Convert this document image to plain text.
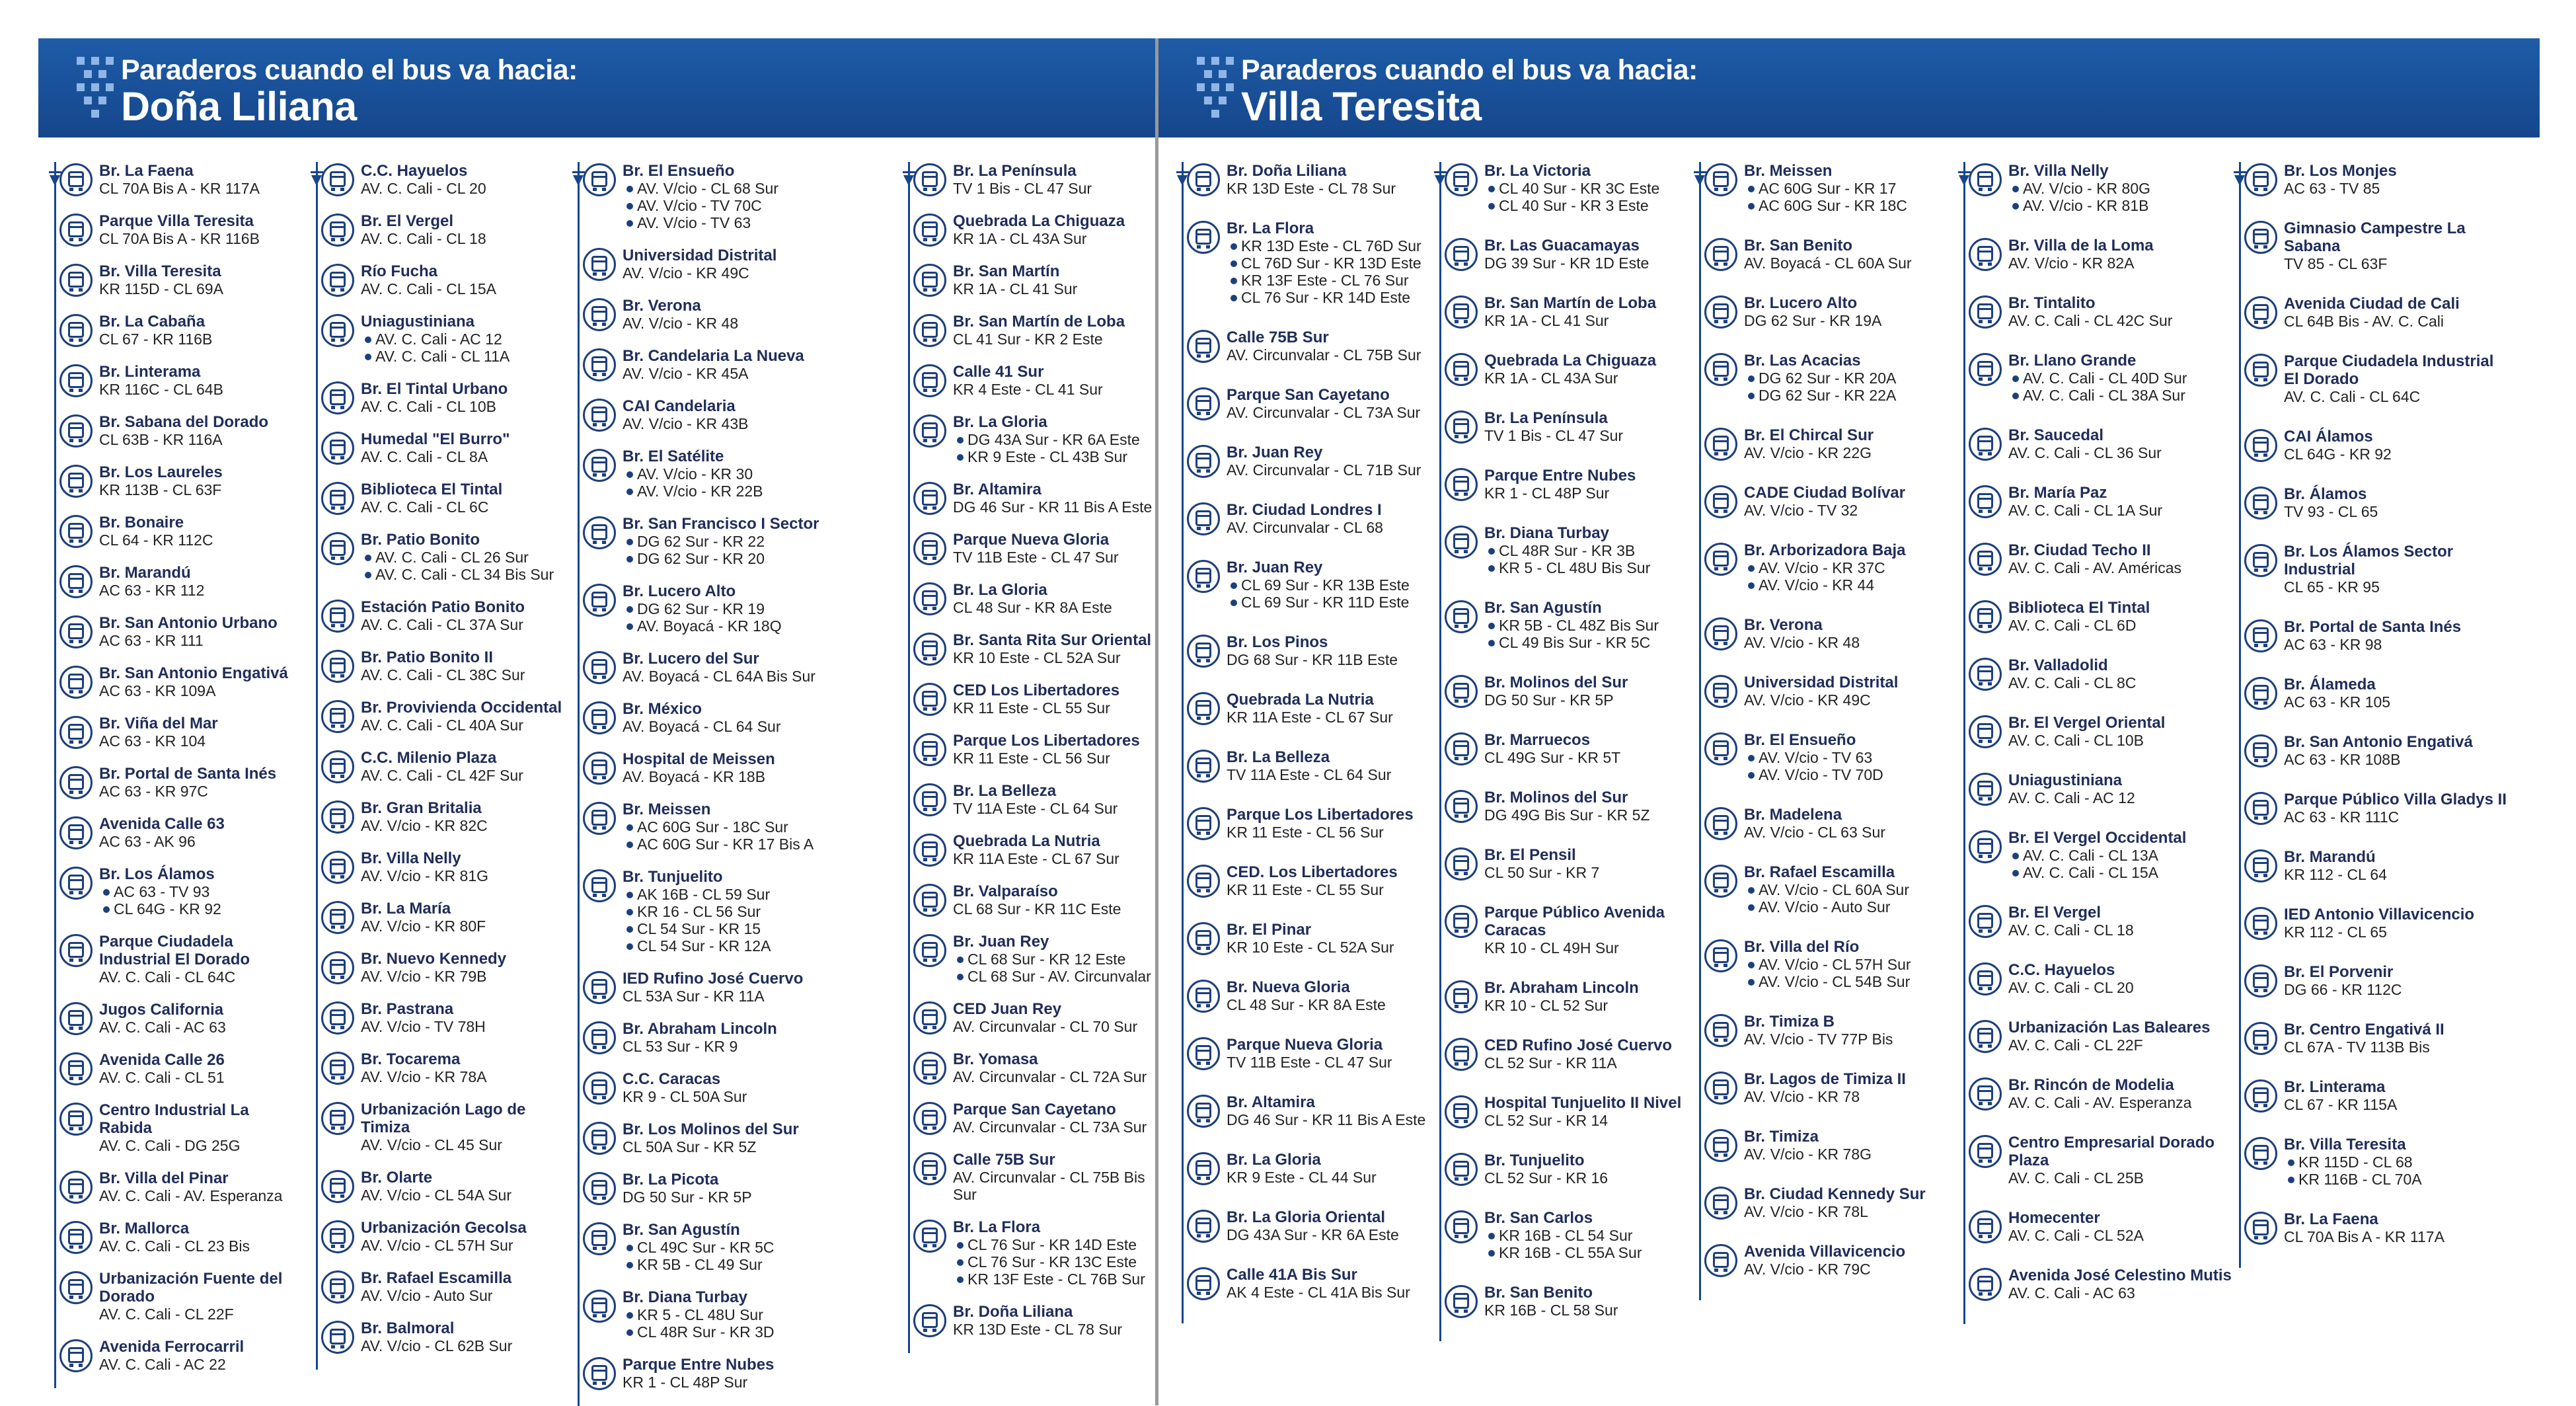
Paraderos cuando el bus va hacia:
Doña Liliana
Br. La Faena
CL 70A Bis A - KR 117A
Parque Villa Teresita
CL 70A Bis A - KR 116B
Br. Villa Teresita
KR 115D - CL 69A
Br. La Cabaña
CL 67 - KR 116B
Br. Linterama
KR 116C - CL 64B
Br. Sabana del Dorado
CL 63B - KR 116A
Br. Los Laureles
KR 113B - CL 63F
Br. Bonaire
CL 64 - KR 112C
Br. Marandú
AC 63 - KR 112
Br. San Antonio Urbano
AC 63 - KR 111
Br. San Antonio Engativá
AC 63 - KR 109A
Br. Viña del Mar
AC 63 - KR 104
Br. Portal de Santa Inés
AC 63 - KR 97C
Avenida Calle 63
AC 63 - AK 96
Br. Los Álamos
AC 63 - TV 93
CL 64G - KR 92
Parque Ciudadela Industrial El Dorado
AV. C. Cali - CL 64C
Jugos California
AV. C. Cali - AC 63
Avenida Calle 26
AV. C. Cali - CL 51
Centro Industrial La Rabida
AV. C. Cali - DG 25G
Br. Villa del Pinar
AV. C. Cali - AV. Esperanza
Br. Mallorca
AV. C. Cali - CL 23 Bis
Urbanización Fuente del Dorado
AV. C. Cali - CL 22F
Avenida Ferrocarril
AV. C. Cali - AC 22
C.C. Hayuelos
AV. C. Cali - CL 20
Br. El Vergel
AV. C. Cali - CL 18
Río Fucha
AV. C. Cali - CL 15A
Uniagustiniana
AV. C. Cali - AC 12
AV. C. Cali - CL 11A
Br. El Tintal Urbano
AV. C. Cali - CL 10B
Humedal "El Burro"
AV. C. Cali - CL 8A
Biblioteca El Tintal
AV. C. Cali - CL 6C
Br. Patio Bonito
AV. C. Cali - CL 26 Sur
AV. C. Cali - CL 34 Bis Sur
Estación Patio Bonito
AV. C. Cali - CL 37A Sur
Br. Patio Bonito II
AV. C. Cali - CL 38C Sur
Br. Provivienda Occidental
AV. C. Cali - CL 40A Sur
C.C. Milenio Plaza
AV. C. Cali - CL 42F Sur
Br. Gran Britalia
AV. V/cio - KR 82C
Br. Villa Nelly
AV. V/cio - KR 81G
Br. La María
AV. V/cio - KR 80F
Br. Nuevo Kennedy
AV. V/cio - KR 79B
Br. Pastrana
AV. V/cio - TV 78H
Br. Tocarema
AV. V/cio - KR 78A
Urbanización Lago de Timiza
AV. V/cio - CL 45 Sur
Br. Olarte
AV. V/cio - CL 54A Sur
Urbanización Gecolsa
AV. V/cio - CL 57H Sur
Br. Rafael Escamilla
AV. V/cio - Auto Sur
Br. Balmoral
AV. V/cio - CL 62B Sur
Br. El Ensueño
AV. V/cio - CL 68 Sur
AV. V/cio - TV 70C
AV. V/cio - TV 63
Universidad Distrital
AV. V/cio - KR 49C
Br. Verona
AV. V/cio - KR 48
Br. Candelaria La Nueva
AV. V/cio - KR 45A
CAI Candelaria
AV. V/cio - KR 43B
Br. El Satélite
AV. V/cio - KR 30
AV. V/cio - KR 22B
Br. San Francisco I Sector
DG 62 Sur - KR 22
DG 62 Sur - KR 20
Br. Lucero Alto
DG 62 Sur - KR 19
AV. Boyacá - KR 18Q
Br. Lucero del Sur
AV. Boyacá - CL 64A Bis Sur
Br. México
AV. Boyacá - CL 64 Sur
Hospital de Meissen
AV. Boyacá - KR 18B
Br. Meissen
AC 60G Sur - 18C Sur
AC 60G Sur - KR 17 Bis A
Br. Tunjuelito
AK 16B - CL 59 Sur
KR 16 - CL 56 Sur
CL 54 Sur - KR 15
CL 54 Sur - KR 12A
IED Rufino José Cuervo
CL 53A Sur - KR 11A
Br. Abraham Lincoln
CL 53 Sur - KR 9
C.C. Caracas
KR 9 - CL 50A Sur
Br. Los Molinos del Sur
CL 50A Sur - KR 5Z
Br. La Picota
DG 50 Sur - KR 5P
Br. San Agustín
CL 49C Sur - KR 5C
KR 5B - CL 49 Sur
Br. Diana Turbay
KR 5 - CL 48U Sur
CL 48R Sur - KR 3D
Parque Entre Nubes
KR 1 - CL 48P Sur
Br. La Península
TV 1 Bis - CL 47 Sur
Quebrada La Chiguaza
KR 1A - CL 43A Sur
Br. San Martín
KR 1A - CL 41 Sur
Br. San Martín de Loba
CL 41 Sur - KR 2 Este
Calle 41 Sur
KR 4 Este - CL 41 Sur
Br. La Gloria
DG 43A Sur - KR 6A Este
KR 9 Este - CL 43B Sur
Br. Altamira
DG 46 Sur - KR 11 Bis A Este
Parque Nueva Gloria
TV 11B Este - CL 47 Sur
Br. La Gloria
CL 48 Sur - KR 8A Este
Br. Santa Rita Sur Oriental
KR 10 Este - CL 52A Sur
CED Los Libertadores
KR 11 Este - CL 55 Sur
Parque Los Libertadores
KR 11 Este - CL 56 Sur
Br. La Belleza
TV 11A Este - CL 64 Sur
Quebrada La Nutria
KR 11A Este - CL 67 Sur
Br. Valparaíso
CL 68 Sur - KR 11C Este
Br. Juan Rey
CL 68 Sur - KR 12 Este
CL 68 Sur - AV. Circunvalar
CED Juan Rey
AV. Circunvalar - CL 70 Sur
Br. Yomasa
AV. Circunvalar - CL 72A Sur
Parque San Cayetano
AV. Circunvalar - CL 73A Sur
Calle 75B Sur
AV. Circunvalar - CL 75B Bis Sur
Br. La Flora
CL 76 Sur - KR 14D Este
CL 76 Sur - KR 13C Este
KR 13F Este - CL 76B Sur
Br. Doña Liliana
KR 13D Este - CL 78 Sur
Paraderos cuando el bus va hacia:
Villa Teresita
Br. Doña Liliana
KR 13D Este - CL 78 Sur
Br. La Flora
KR 13D Este - CL 76D Sur
CL 76D Sur - KR 13D Este
KR 13F Este - CL 76 Sur
CL 76 Sur - KR 14D Este
Calle 75B Sur
AV. Circunvalar - CL 75B Sur
Parque San Cayetano
AV. Circunvalar - CL 73A Sur
Br. Juan Rey
AV. Circunvalar - CL 71B Sur
Br. Ciudad Londres I
AV. Circunvalar - CL 68
Br. Juan Rey
CL 69 Sur - KR 13B Este
CL 69 Sur - KR 11D Este
Br. Los Pinos
DG 68 Sur - KR 11B Este
Quebrada La Nutria
KR 11A Este - CL 67 Sur
Br. La Belleza
TV 11A Este - CL 64 Sur
Parque Los Libertadores
KR 11 Este - CL 56 Sur
CED. Los Libertadores
KR 11 Este - CL 55 Sur
Br. El Pinar
KR 10 Este - CL 52A Sur
Br. Nueva Gloria
CL 48 Sur - KR 8A Este
Parque Nueva Gloria
TV 11B Este - CL 47 Sur
Br. Altamira
DG 46 Sur - KR 11 Bis A Este
Br. La Gloria
KR 9 Este - CL 44 Sur
Br. La Gloria Oriental
DG 43A Sur - KR 6A Este
Calle 41A Bis Sur
AK 4 Este - CL 41A Bis Sur
Br. La Victoria
CL 40 Sur - KR 3C Este
CL 40 Sur - KR 3 Este
Br. Las Guacamayas
DG 39 Sur - KR 1D Este
Br. San Martín de Loba
KR 1A - CL 41 Sur
Quebrada La Chiguaza
KR 1A - CL 43A Sur
Br. La Península
TV 1 Bis - CL 47 Sur
Parque Entre Nubes
KR 1 - CL 48P Sur
Br. Diana Turbay
CL 48R Sur - KR 3B
KR 5 - CL 48U Bis Sur
Br. San Agustín
KR 5B - CL 48Z Bis Sur
CL 49 Bis Sur - KR 5C
Br. Molinos del Sur
DG 50 Sur - KR 5P
Br. Marruecos
CL 49G Sur - KR 5T
Br. Molinos del Sur
DG 49G Bis Sur - KR 5Z
Br. El Pensil
CL 50 Sur - KR 7
Parque Público Avenida Caracas
KR 10 - CL 49H Sur
Br. Abraham Lincoln
KR 10 - CL 52 Sur
CED Rufino José Cuervo
CL 52 Sur - KR 11A
Hospital Tunjuelito II Nivel
CL 52 Sur - KR 14
Br. Tunjuelito
CL 52 Sur - KR 16
Br. San Carlos
KR 16B - CL 54 Sur
KR 16B - CL 55A Sur
Br. San Benito
KR 16B - CL 58 Sur
Br. Meissen
AC 60G Sur - KR 17
AC 60G Sur - KR 18C
Br. San Benito
AV. Boyacá - CL 60A Sur
Br. Lucero Alto
DG 62 Sur - KR 19A
Br. Las Acacias
DG 62 Sur - KR 20A
DG 62 Sur - KR 22A
Br. El Chircal Sur
AV. V/cio - KR 22G
CADE Ciudad Bolívar
AV. V/cio - TV 32
Br. Arborizadora Baja
AV. V/cio - KR 37C
AV. V/cio - KR 44
Br. Verona
AV. V/cio - KR 48
Universidad Distrital
AV. V/cio - KR 49C
Br. El Ensueño
AV. V/cio - TV 63
AV. V/cio - TV 70D
Br. Madelena
AV. V/cio - CL 63 Sur
Br. Rafael Escamilla
AV. V/cio - CL 60A Sur
AV. V/cio - Auto Sur
Br. Villa del Río
AV. V/cio - CL 57H Sur
AV. V/cio - CL 54B Sur
Br. Timiza B
AV. V/cio - TV 77P Bis
Br. Lagos de Timiza II
AV. V/cio - KR 78
Br. Timiza
AV. V/cio - KR 78G
Br. Ciudad Kennedy Sur
AV. V/cio - KR 78L
Avenida Villavicencio
AV. V/cio - KR 79C
Br. Villa Nelly
AV. V/cio - KR 80G
AV. V/cio - KR 81B
Br. Villa de la Loma
AV. V/cio - KR 82A
Br. Tintalito
AV. C. Cali - CL 42C Sur
Br. Llano Grande
AV. C. Cali - CL 40D Sur
AV. C. Cali - CL 38A Sur
Br. Saucedal
AV. C. Cali - CL 36 Sur
Br. María Paz
AV. C. Cali - CL 1A Sur
Br. Ciudad Techo II
AV. C. Cali - AV. Américas
Biblioteca El Tintal
AV. C. Cali - CL 6D
Br. Valladolid
AV. C. Cali - CL 8C
Br. El Vergel Oriental
AV. C. Cali - CL 10B
Uniagustiniana
AV. C. Cali - AC 12
Br. El Vergel Occidental
AV. C. Cali - CL 13A
AV. C. Cali - CL 15A
Br. El Vergel
AV. C. Cali - CL 18
C.C. Hayuelos
AV. C. Cali - CL 20
Urbanización Las Baleares
AV. C. Cali - CL 22F
Br. Rincón de Modelia
AV. C. Cali - AV. Esperanza
Centro Empresarial Dorado Plaza
AV. C. Cali - CL 25B
Homecenter
AV. C. Cali - CL 52A
Avenida José Celestino Mutis
AV. C. Cali - AC 63
Br. Los Monjes
AC 63 - TV 85
Gimnasio Campestre La Sabana
TV 85 - CL 63F
Avenida Ciudad de Cali
CL 64B Bis - AV. C. Cali
Parque Ciudadela Industrial El Dorado
AV. C. Cali - CL 64C
CAI Álamos
CL 64G - KR 92
Br. Álamos
TV 93 - CL 65
Br. Los Álamos Sector Industrial
CL 65 - KR 95
Br. Portal de Santa Inés
AC 63 - KR 98
Br. Álameda
AC 63 - KR 105
Br. San Antonio Engativá
AC 63 - KR 108B
Parque Público Villa Gladys II
AC 63 - KR 111C
Br. Marandú
KR 112 - CL 64
IED Antonio Villavicencio
KR 112 - CL 65
Br. El Porvenir
DG 66 - KR 112C
Br. Centro Engativá II
CL 67A - TV 113B Bis
Br. Linterama
CL 67 - KR 115A
Br. Villa Teresita
KR 115D - CL 68
KR 116B - CL 70A
Br. La Faena
CL 70A Bis A - KR 117A
